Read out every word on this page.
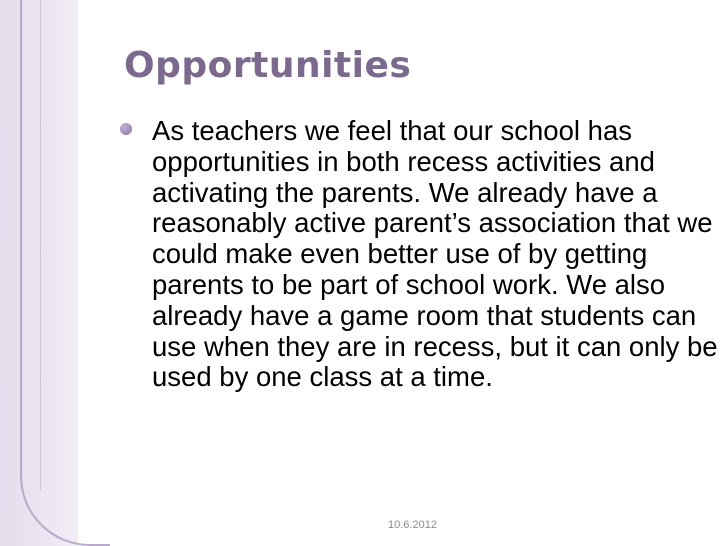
Opportunities

As teachers we feel that our school has opportunities in both recess activities and activating the parents. We already have a reasonably active parent’s association that we could make even better use of by getting parents to be part of school work. We also already have a game room that students can use when they are in recess, but it can only be used by one class at a time.

10.6.2012
